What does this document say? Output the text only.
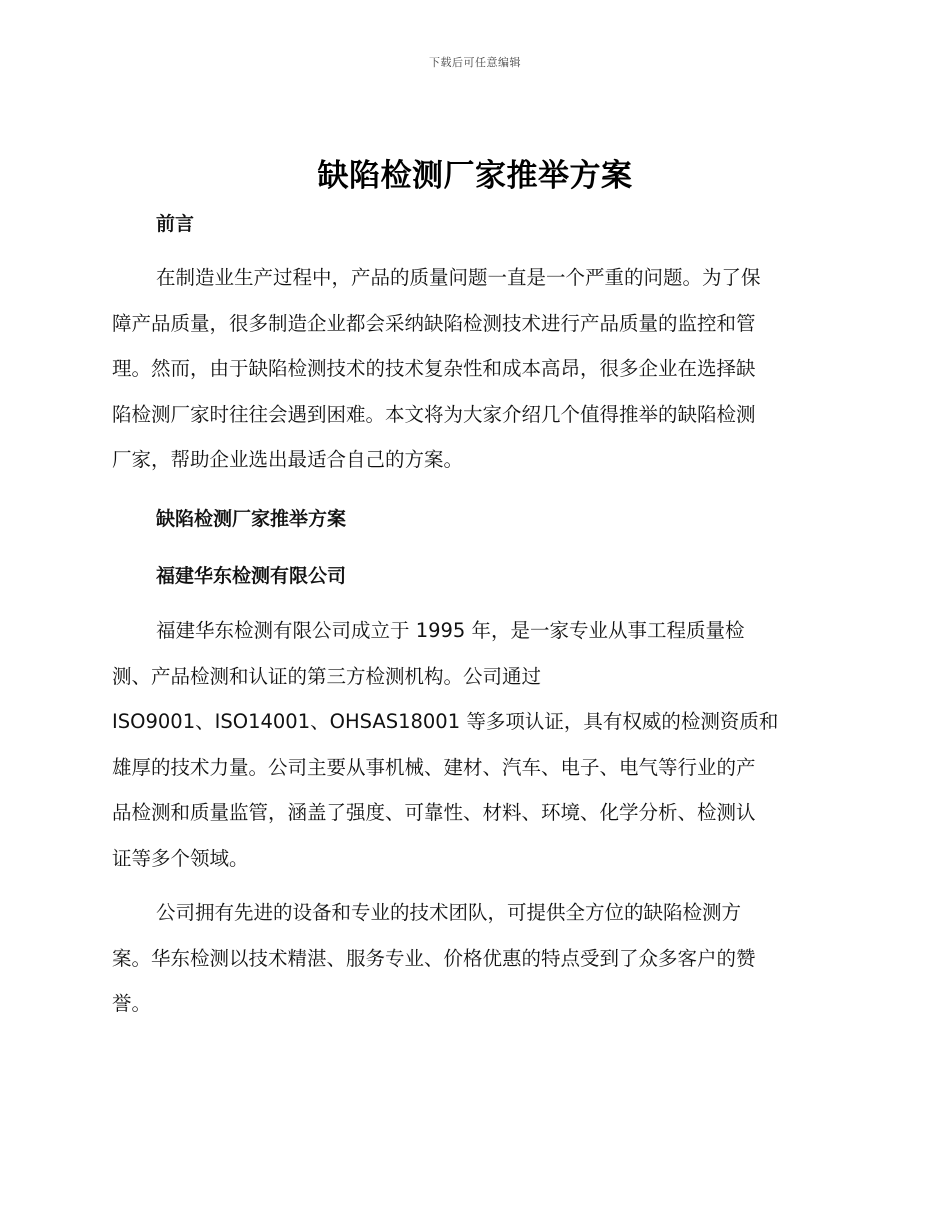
下载后可任意编辑
缺陷检测厂家推举方案
前言
在制造业生产过程中，产品的质量问题一直是一个严重的问题。为了保
障产品质量，很多制造企业都会采纳缺陷检测技术进行产品质量的监控和管
理。然而，由于缺陷检测技术的技术复杂性和成本高昂，很多企业在选择缺
陷检测厂家时往往会遇到困难。本文将为大家介绍几个值得推举的缺陷检测
厂家，帮助企业选出最适合自己的方案。
缺陷检测厂家推举方案
福建华东检测有限公司
福建华东检测有限公司成立于 1995 年，是一家专业从事工程质量检
测、产品检测和认证的第三方检测机构。公司通过
ISO9001、ISO14001、OHSAS18001 等多项认证，具有权威的检测资质和
雄厚的技术力量。公司主要从事机械、建材、汽车、电子、电气等行业的产
品检测和质量监管，涵盖了强度、可靠性、材料、环境、化学分析、检测认
证等多个领域。
公司拥有先进的设备和专业的技术团队，可提供全方位的缺陷检测方
案。华东检测以技术精湛、服务专业、价格优惠的特点受到了众多客户的赞
誉。
